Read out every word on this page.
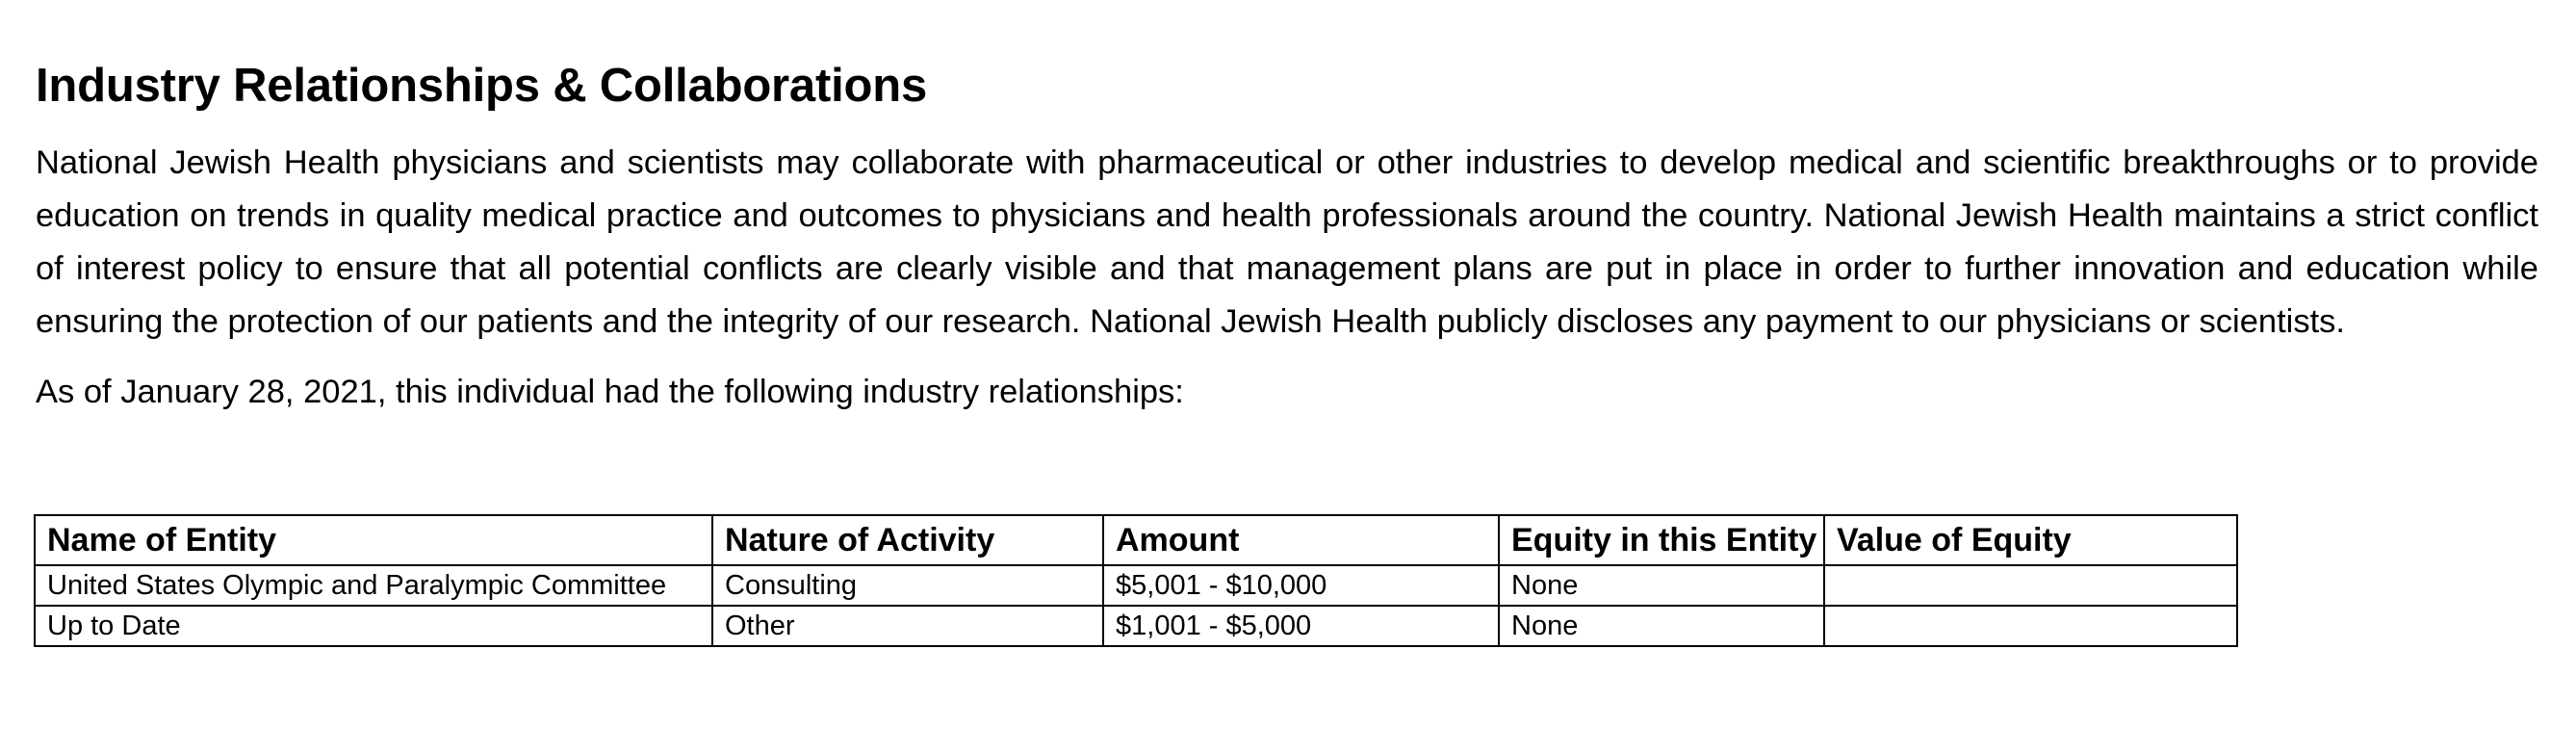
Industry Relationships & Collaborations

National Jewish Health physicians and scientists may collaborate with pharmaceutical or other industries to develop medical and scientific breakthroughs or to provide education on trends in quality medical practice and outcomes to physicians and health professionals around the country. National Jewish Health maintains a strict conflict of interest policy to ensure that all potential conflicts are clearly visible and that management plans are put in place in order to further innovation and education while ensuring the protection of our patients and the integrity of our research. National Jewish Health publicly discloses any payment to our physicians or scientists.

As of January 28, 2021, this individual had the following industry relationships:

Name of Entity	Nature of Activity	Amount	Equity in this Entity	Value of Equity
United States Olympic and Paralympic Committee	Consulting	$5,001 - $10,000	None	
Up to Date	Other	$1,001 - $5,000	None	
